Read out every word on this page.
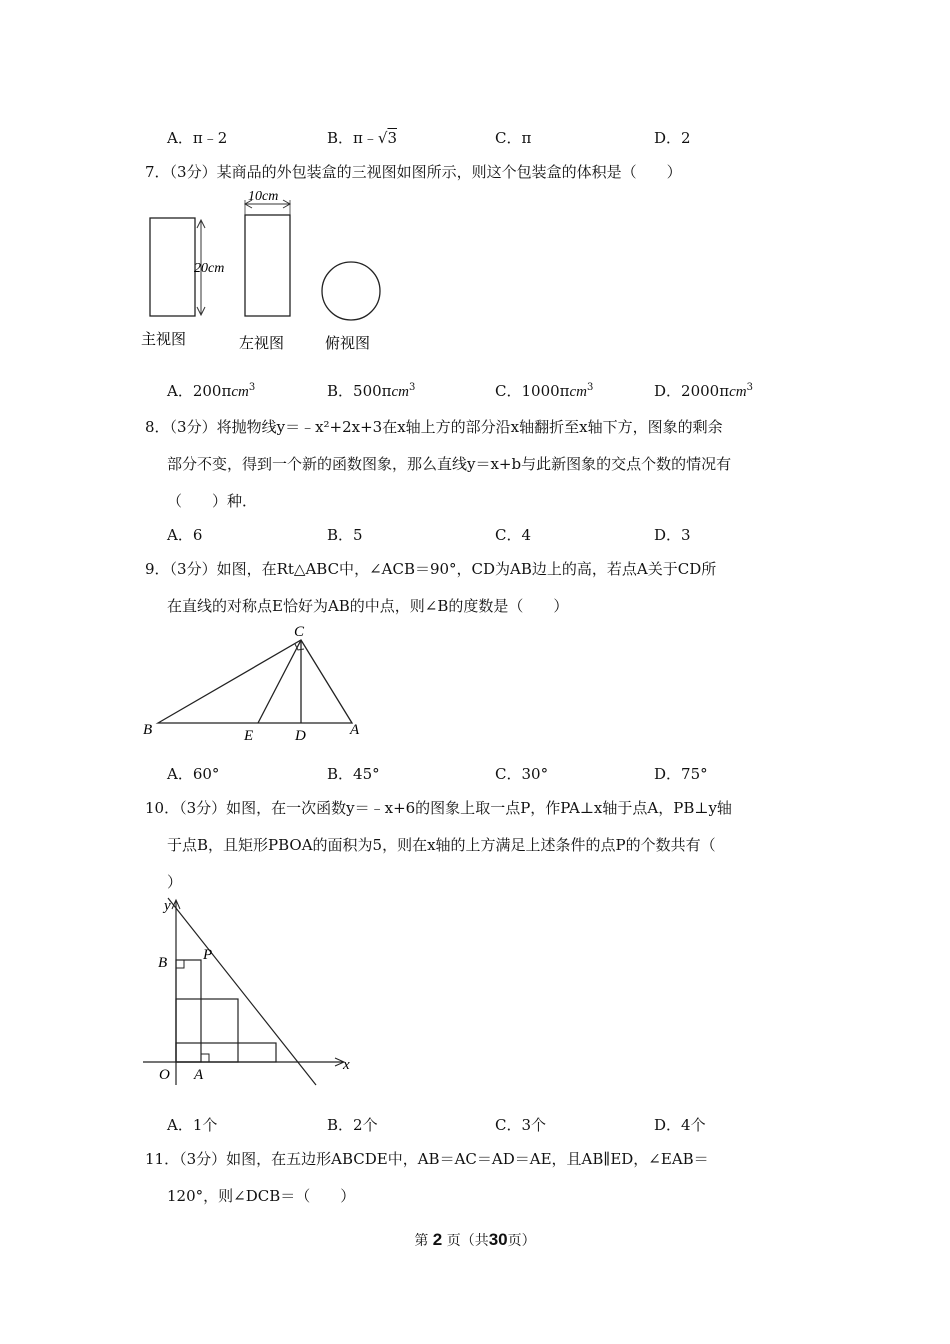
A．π﹣2	B．π﹣√3	C．π	D．2
7．（3分）某商品的外包装盒的三视图如图所示，则这个包装盒的体积是（　　）
20cm
10cm
主视图	左视图	俯视图
A．200πcm$^3$	B．500πcm$^3$	C．1000πcm$^3$	D．2000πcm$^3$
8．（3分）将抛物线y＝﹣x²+2x+3在x轴上方的部分沿x轴翻折至x轴下方，图象的剩余
部分不变，得到一个新的函数图象，那么直线y＝x+b与此新图象的交点个数的情况有
（　　）种．
A．6	B．5	C．4	D．3
9．（3分）如图，在Rt△ABC中，∠ACB＝90°，CD为AB边上的高，若点A关于CD所
在直线的对称点E恰好为AB的中点，则∠B的度数是（　　）
C
B	E	D	A
A．60°	B．45°	C．30°	D．75°
10．（3分）如图，在一次函数y＝﹣x+6的图象上取一点P，作PA⊥x轴于点A，PB⊥y轴
于点B，且矩形PBOA的面积为5，则在x轴的上方满足上述条件的点P的个数共有（
）
y
B P
O A
x
A．1个	B．2个	C．3个	D．4个
11．（3分）如图，在五边形ABCDE中，AB＝AC＝AD＝AE，且AB∥ED，∠EAB＝
120°，则∠DCB＝（　　）
第 2 页（共30页）
